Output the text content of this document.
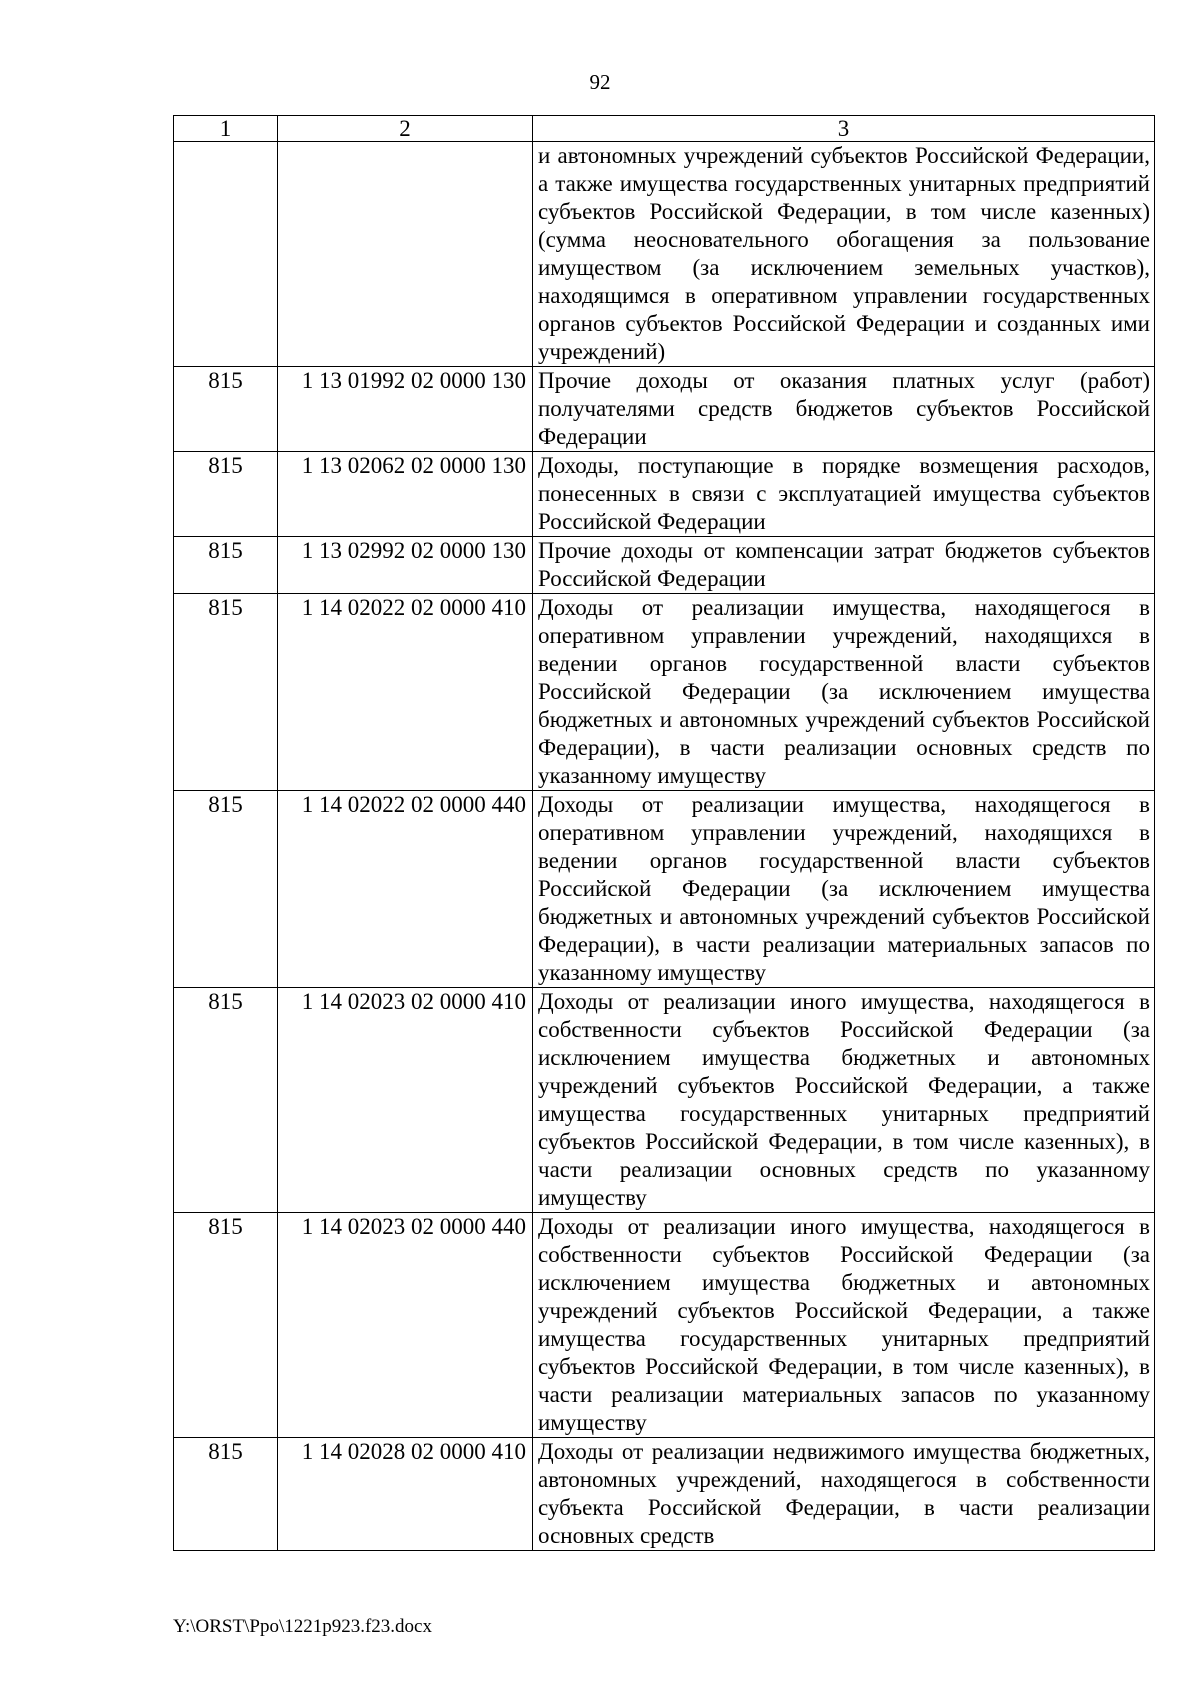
92
1	2	3
		и автономных учреждений субъектов Российской Федерации, а также имущества государственных унитарных предприятий субъектов Российской Федерации, в том числе казенных) (сумма неосновательного обогащения за пользование имуществом (за исключением земельных участков), находящимся в оперативном управлении государственных органов субъектов Российской Федерации и созданных ими учреждений)
815	1 13 01992 02 0000 130	Прочие доходы от оказания платных услуг (работ) получателями средств бюджетов субъектов Российской Федерации
815	1 13 02062 02 0000 130	Доходы, поступающие в порядке возмещения расходов, понесенных в связи с эксплуатацией имущества субъектов Российской Федерации
815	1 13 02992 02 0000 130	Прочие доходы от компенсации затрат бюджетов субъектов Российской Федерации
815	1 14 02022 02 0000 410	Доходы от реализации имущества, находящегося в оперативном управлении учреждений, находящихся в ведении органов государственной власти субъектов Российской Федерации (за исключением имущества бюджетных и автономных учреждений субъектов Российской Федерации), в части реализации основных средств по указанному имуществу
815	1 14 02022 02 0000 440	Доходы от реализации имущества, находящегося в оперативном управлении учреждений, находящихся в ведении органов государственной власти субъектов Российской Федерации (за исключением имущества бюджетных и автономных учреждений субъектов Российской Федерации), в части реализации материальных запасов по указанному имуществу
815	1 14 02023 02 0000 410	Доходы от реализации иного имущества, находящегося в собственности субъектов Российской Федерации (за исключением имущества бюджетных и автономных учреждений субъектов Российской Федерации, а также имущества государственных унитарных предприятий субъектов Российской Федерации, в том числе казенных), в части реализации основных средств по указанному имуществу
815	1 14 02023 02 0000 440	Доходы от реализации иного имущества, находящегося в собственности субъектов Российской Федерации (за исключением имущества бюджетных и автономных учреждений субъектов Российской Федерации, а также имущества государственных унитарных предприятий субъектов Российской Федерации, в том числе казенных), в части реализации материальных запасов по указанному имуществу
815	1 14 02028 02 0000 410	Доходы от реализации недвижимого имущества бюджетных, автономных учреждений, находящегося в собственности субъекта Российской Федерации, в части реализации основных средств
Y:\ORST\Ppo\1221p923.f23.docx
